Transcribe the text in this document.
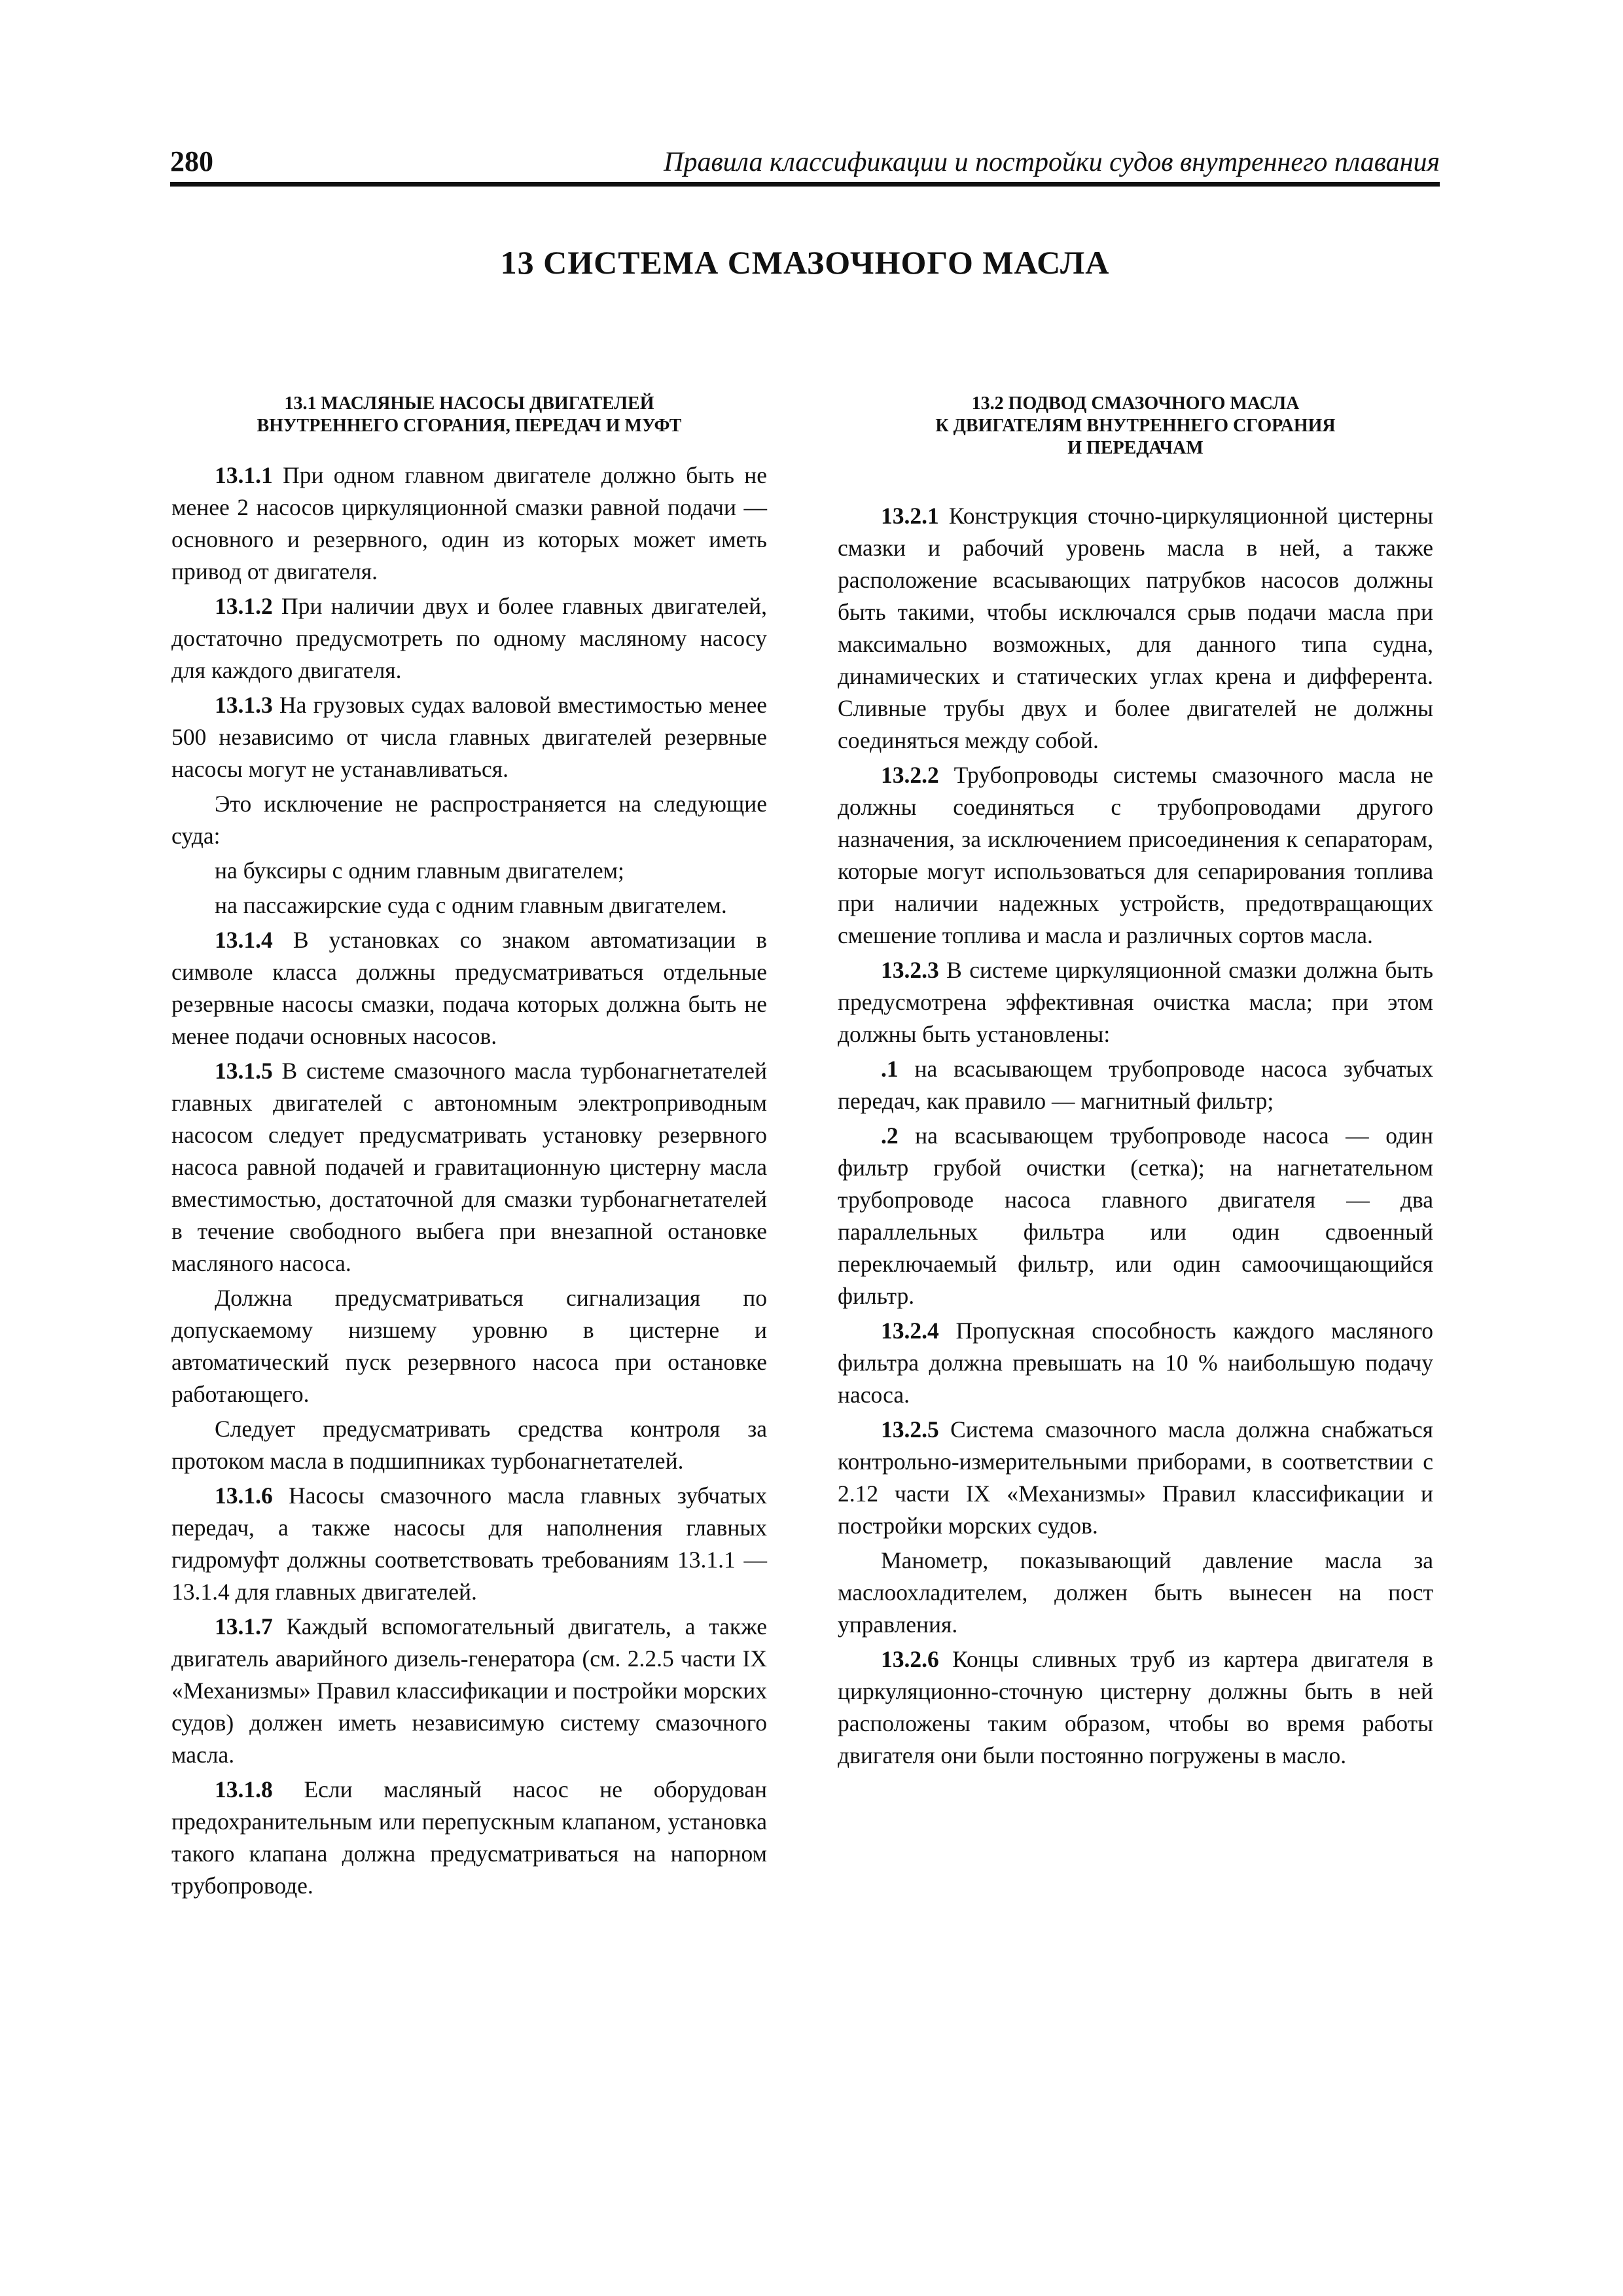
280	Правила классификации и постройки судов внутреннего плавания
13 СИСТЕМА СМАЗОЧНОГО МАСЛА
13.1 МАСЛЯНЫЕ НАСОСЫ ДВИГАТЕЛЕЙ
ВНУТРЕННЕГО СГОРАНИЯ, ПЕРЕДАЧ И МУФТ

13.1.1 При одном главном двигателе должно быть не менее 2 насосов циркуляционной смазки равной подачи — основного и резервного, один из которых может иметь привод от двигателя.

13.1.2 При наличии двух и более главных двигателей, достаточно предусмотреть по одному масляному насосу для каждого двигателя.

13.1.3 На грузовых судах валовой вместимостью менее 500 независимо от числа главных двигателей резервные насосы могут не устанавливаться.

Это исключение не распространяется на следующие суда:

на буксиры с одним главным двигателем;

на пассажирские суда с одним главным двигателем.

13.1.4 В установках со знаком автоматизации в символе класса должны предусматриваться отдельные резервные насосы смазки, подача которых должна быть не менее подачи основных насосов.

13.1.5 В системе смазочного масла турбонагнетателей главных двигателей с автономным электроприводным насосом следует предусматривать установку резервного насоса равной подачей и гравитационную цистерну масла вместимостью, достаточной для смазки турбонагнетателей в течение свободного выбега при внезапной остановке масляного насоса.

Должна предусматриваться сигнализация по допускаемому низшему уровню в цистерне и автоматический пуск резервного насоса при остановке работающего.

Следует предусматривать средства контроля за протоком масла в подшипниках турбонагнетателей.

13.1.6 Насосы смазочного масла главных зубчатых передач, а также насосы для наполнения главных гидромуфт должны соответствовать требованиям 13.1.1 — 13.1.4 для главных двигателей.

13.1.7 Каждый вспомогательный двигатель, а также двигатель аварийного дизель-генератора (см. 2.2.5 части IX «Механизмы» Правил классификации и постройки морских судов) должен иметь независимую систему смазочного масла.

13.1.8 Если масляный насос не оборудован предохранительным или перепускным клапаном, установка такого клапана должна предусматриваться на напорном трубопроводе.

13.2 ПОДВОД СМАЗОЧНОГО МАСЛА
К ДВИГАТЕЛЯМ ВНУТРЕННЕГО СГОРАНИЯ
И ПЕРЕДАЧАМ

13.2.1 Конструкция сточно-циркуляционной цистерны смазки и рабочий уровень масла в ней, а также расположение всасывающих патрубков насосов должны быть такими, чтобы исключался срыв подачи масла при максимально возможных, для данного типа судна, динамических и статических углах крена и дифферента. Сливные трубы двух и более двигателей не должны соединяться между собой.

13.2.2 Трубопроводы системы смазочного масла не должны соединяться с трубопроводами другого назначения, за исключением присоединения к сепараторам, которые могут использоваться для сепарирования топлива при наличии надежных устройств, предотвращающих смешение топлива и масла и различных сортов масла.

13.2.3 В системе циркуляционной смазки должна быть предусмотрена эффективная очистка масла; при этом должны быть установлены:

.1 на всасывающем трубопроводе насоса зубчатых передач, как правило — магнитный фильтр;

.2 на всасывающем трубопроводе насоса — один фильтр грубой очистки (сетка); на нагнетательном трубопроводе насоса главного двигателя — два параллельных фильтра или один сдвоенный переключаемый фильтр, или один самоочищающийся фильтр.

13.2.4 Пропускная способность каждого масляного фильтра должна превышать на 10 % наибольшую подачу насоса.

13.2.5 Система смазочного масла должна снабжаться контрольно-измерительными приборами, в соответствии с 2.12 части IX «Механизмы» Правил классификации и постройки морских судов.

Манометр, показывающий давление масла за маслоохладителем, должен быть вынесен на пост управления.

13.2.6 Концы сливных труб из картера двигателя в циркуляционно-сточную цистерну должны быть в ней расположены таким образом, чтобы во время работы двигателя они были постоянно погружены в масло.
